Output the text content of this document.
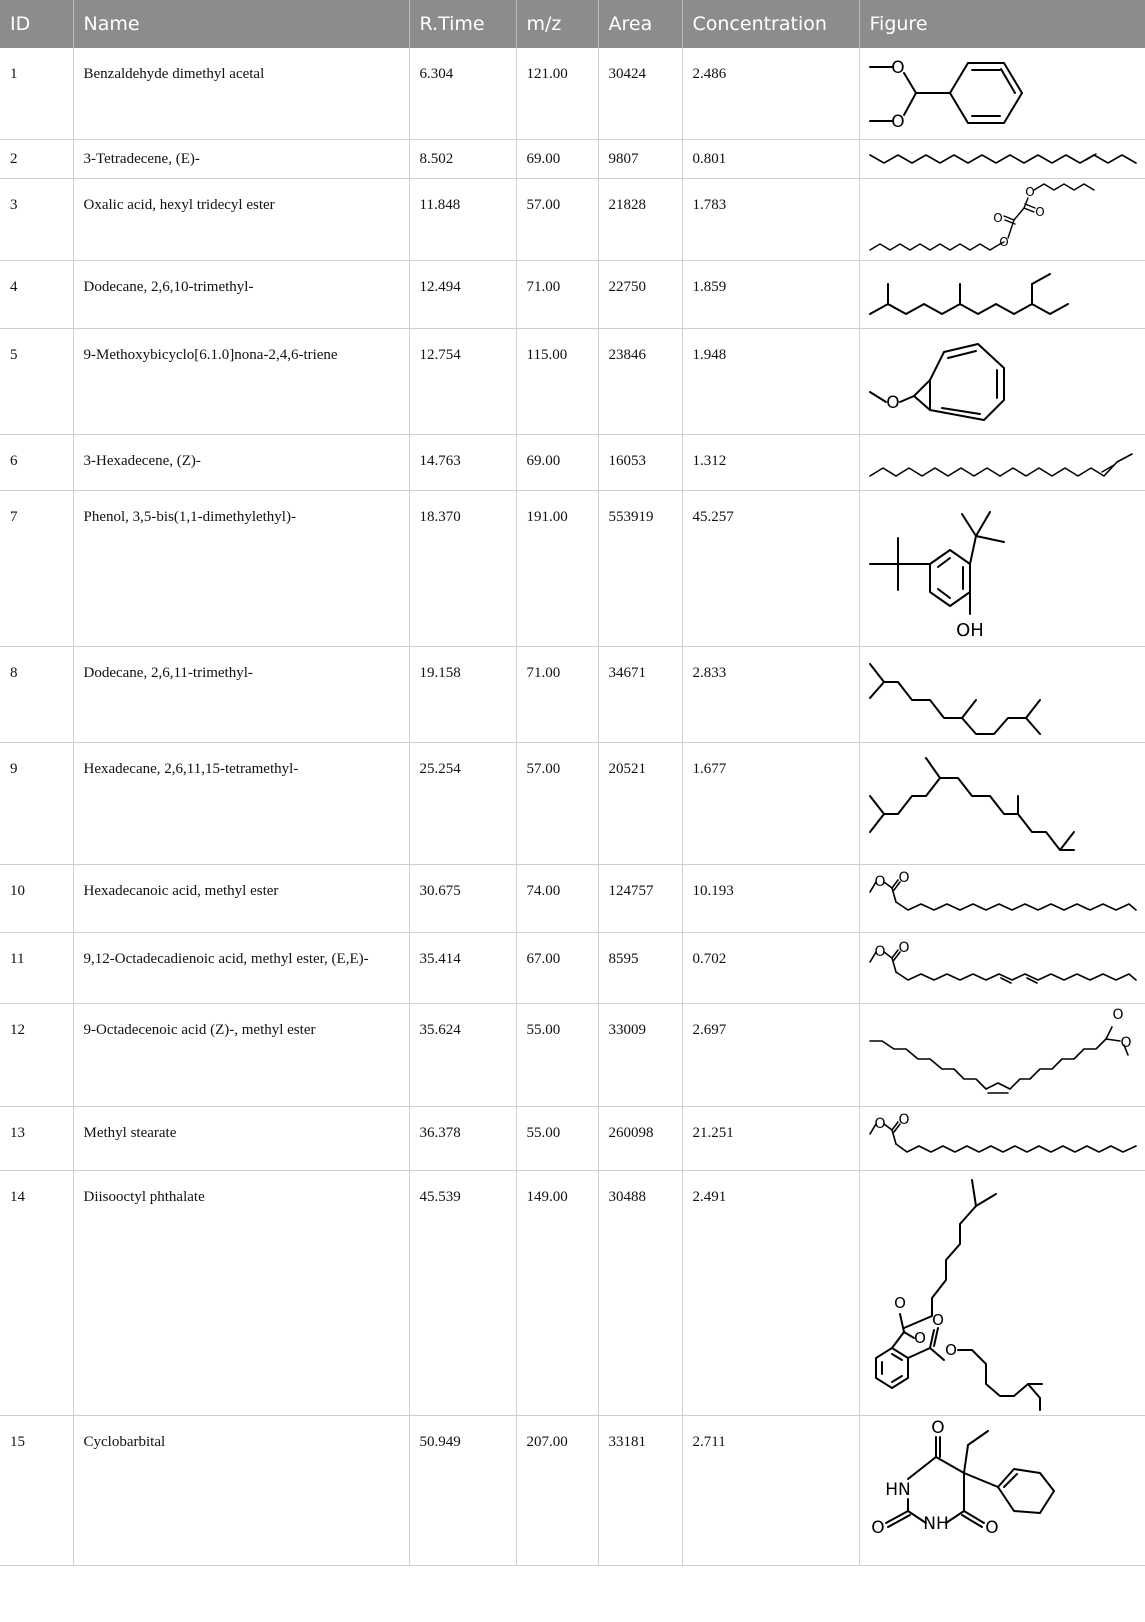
ID	Name	R.Time	m/z	Area	Concentration	Figure
1	Benzaldehyde dimethyl acetal	6.304	121.00	30424	2.486	O
O

2	3-Tetradecene, (E)-	8.502	69.00	9807	0.801	

3	Oxalic acid, hexyl tridecyl ester	11.848	57.00	21828	1.783	O
O O
O

4	Dodecane, 2,6,10-trimethyl-	12.494	71.00	22750	1.859	

5	9-Methoxybicyclo[6.1.0]nona-2,4,6-triene	12.754	115.00	23846	1.948	O

6	3-Hexadecene, (Z)-	14.763	69.00	16053	1.312	

7	Phenol, 3,5-bis(1,1-dimethylethyl)-	18.370	191.00	553919	45.257	OH

8	Dodecane, 2,6,11-trimethyl-	19.158	71.00	34671	2.833	

9	Hexadecane, 2,6,11,15-tetramethyl-	25.254	57.00	20521	1.677	

10	Hexadecanoic acid, methyl ester	30.675	74.00	124757	10.193	O O

11	9,12-Octadecadienoic acid, methyl ester, (E,E)-	35.414	67.00	8595	0.702	O O

12	9-Octadecenoic acid (Z)-, methyl ester	35.624	55.00	33009	2.697	O
O

13	Methyl stearate	36.378	55.00	260098	21.251	O O

14	Diisooctyl phthalate	45.539	149.00	30488	2.491	O
O
O
O

15	Cyclobarbital	50.949	207.00	33181	2.711	O
HN
O NH O
